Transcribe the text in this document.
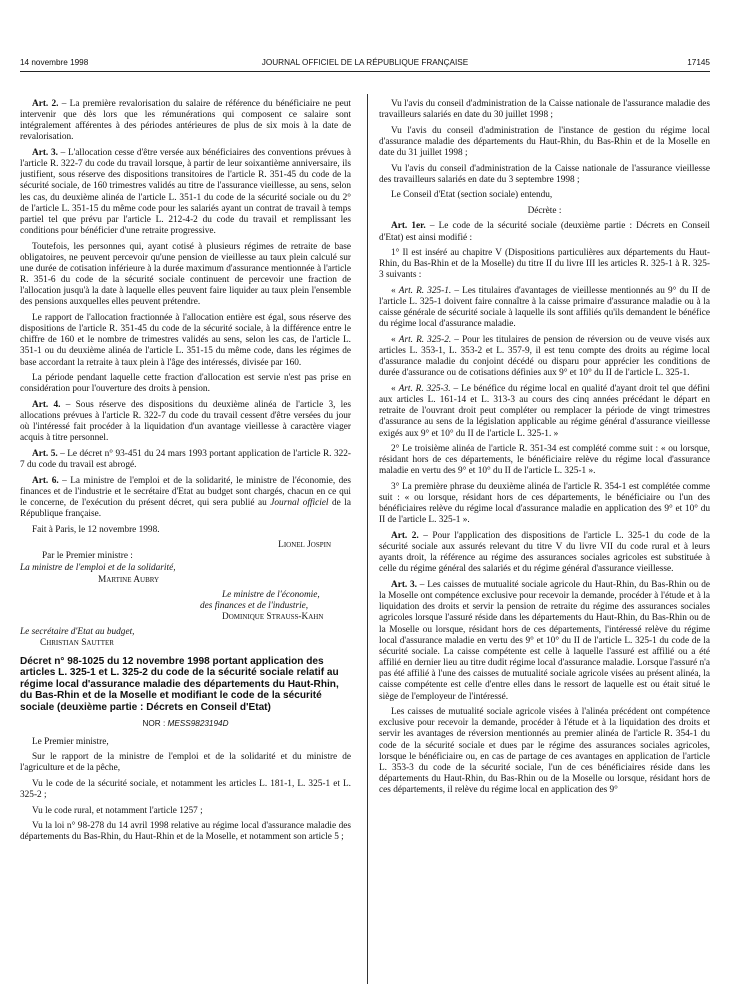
14 novembre 1998	JOURNAL OFFICIEL DE LA RÉPUBLIQUE FRANÇAISE	17145

Art. 2. – La première revalorisation du salaire de référence du bénéficiaire ne peut intervenir que dès lors que les rémunérations qui composent ce salaire sont intégralement afférentes à des périodes antérieures de plus de six mois à la date de revalorisation.

Art. 3. – L'allocation cesse d'être versée aux bénéficiaires des conventions prévues à l'article R. 322-7 du code du travail lorsque, à partir de leur soixantième anniversaire, ils justifient, sous réserve des dispositions transitoires de l'article R. 351-45 du code de la sécurité sociale, de 160 trimestres validés au titre de l'assurance vieillesse, au sens, selon les cas, du deuxième alinéa de l'article L. 351-1 du code de la sécurité sociale ou du 2° de l'article L. 351-15 du même code pour les salariés ayant un contrat de travail à temps partiel tel que prévu par l'article L. 212-4-2 du code du travail et remplissant les conditions pour bénéficier d'une retraite progressive.

Toutefois, les personnes qui, ayant cotisé à plusieurs régimes de retraite de base obligatoires, ne peuvent percevoir qu'une pension de vieillesse au taux plein calculé sur une durée de cotisation inférieure à la durée maximum d'assurance mentionnée à l'article R. 351-6 du code de la sécurité sociale continuent de percevoir une fraction de l'allocation jusqu'à la date à laquelle elles peuvent faire liquider au taux plein l'ensemble des pensions auxquelles elles peuvent prétendre.

Le rapport de l'allocation fractionnée à l'allocation entière est égal, sous réserve des dispositions de l'article R. 351-45 du code de la sécurité sociale, à la différence entre le chiffre de 160 et le nombre de trimestres validés au sens, selon les cas, de l'article L. 351-1 ou du deuxième alinéa de l'article L. 351-15 du même code, dans les régimes de base accordant la retraite à taux plein à l'âge des intéressés, divisée par 160.

La période pendant laquelle cette fraction d'allocation est servie n'est pas prise en considération pour l'ouverture des droits à pension.

Art. 4. – Sous réserve des dispositions du deuxième alinéa de l'article 3, les allocations prévues à l'article R. 322-7 du code du travail cessent d'être versées du jour où l'intéressé fait procéder à la liquidation d'un avantage vieillesse à caractère viager acquis à titre personnel.

Art. 5. – Le décret n° 93-451 du 24 mars 1993 portant application de l'article R. 322-7 du code du travail est abrogé.

Art. 6. – La ministre de l'emploi et de la solidarité, le ministre de l'économie, des finances et de l'industrie et le secrétaire d'Etat au budget sont chargés, chacun en ce qui le concerne, de l'exécution du présent décret, qui sera publié au Journal officiel de la République française.

Fait à Paris, le 12 novembre 1998.

Lionel Jospin

Par le Premier ministre :

La ministre de l'emploi et de la solidarité,

Martine Aubry

Le ministre de l'économie,

des finances et de l'industrie,

Dominique Strauss-Kahn

Le secrétaire d'Etat au budget,

Christian Sautter

Décret n° 98-1025 du 12 novembre 1998 portant application des articles L. 325-1 et L. 325-2 du code de la sécurité sociale relatif au régime local d'assurance maladie des départements du Haut-Rhin, du Bas-Rhin et de la Moselle et modifiant le code de la sécurité sociale (deuxième partie : Décrets en Conseil d'Etat)

NOR : MESS9823194D

Le Premier ministre,

Sur le rapport de la ministre de l'emploi et de la solidarité et du ministre de l'agriculture et de la pêche,

Vu le code de la sécurité sociale, et notamment les articles L. 181-1, L. 325-1 et L. 325-2 ;

Vu le code rural, et notamment l'article 1257 ;

Vu la loi n° 98-278 du 14 avril 1998 relative au régime local d'assurance maladie des départements du Bas-Rhin, du Haut-Rhin et de la Moselle, et notamment son article 5 ;

Vu l'avis du conseil d'administration de la Caisse nationale de l'assurance maladie des travailleurs salariés en date du 30 juillet 1998 ;

Vu l'avis du conseil d'administration de l'instance de gestion du régime local d'assurance maladie des départements du Haut-Rhin, du Bas-Rhin et de la Moselle en date du 31 juillet 1998 ;

Vu l'avis du conseil d'administration de la Caisse nationale de l'assurance vieillesse des travailleurs salariés en date du 3 septembre 1998 ;

Le Conseil d'Etat (section sociale) entendu,

Décrète :

Art. 1er. – Le code de la sécurité sociale (deuxième partie : Décrets en Conseil d'Etat) est ainsi modifié :

1° Il est inséré au chapitre V (Dispositions particulières aux départements du Haut-Rhin, du Bas-Rhin et de la Moselle) du titre II du livre III les articles R. 325-1 à R. 325-3 suivants :

« Art. R. 325-1. – Les titulaires d'avantages de vieillesse mentionnés au 9° du II de l'article L. 325-1 doivent faire connaître à la caisse primaire d'assurance maladie ou à la caisse générale de sécurité sociale à laquelle ils sont affiliés qu'ils demandent le bénéfice du régime local d'assurance maladie.

« Art. R. 325-2. – Pour les titulaires de pension de réversion ou de veuve visés aux articles L. 353-1, L. 353-2 et L. 357-9, il est tenu compte des droits au régime local d'assurance maladie du conjoint décédé ou disparu pour apprécier les conditions de durée d'assurance ou de cotisations définies aux 9° et 10° du II de l'article L. 325-1.

« Art. R. 325-3. – Le bénéfice du régime local en qualité d'ayant droit tel que défini aux articles L. 161-14 et L. 313-3 au cours des cinq années précédant le départ en retraite de l'ouvrant droit peut compléter ou remplacer la période de vingt trimestres d'assurance au sens de la législation applicable au régime général d'assurance vieillesse exigés aux 9° et 10° du II de l'article L. 325-1. »

2° Le troisième alinéa de l'article R. 351-34 est complété comme suit : « ou lorsque, résidant hors de ces départements, le bénéficiaire relève du régime local d'assurance maladie en vertu des 9° et 10° du II de l'article L. 325-1 ».

3° La première phrase du deuxième alinéa de l'article R. 354-1 est complétée comme suit : « ou lorsque, résidant hors de ces départements, le bénéficiaire ou l'un des bénéficiaires relève du régime local d'assurance maladie en application des 9° et 10° du II de l'article L. 325-1 ».

Art. 2. – Pour l'application des dispositions de l'article L. 325-1 du code de la sécurité sociale aux assurés relevant du titre V du livre VII du code rural et à leurs ayants droit, la référence au régime des assurances sociales agricoles est substituée à celle du régime général des salariés et du régime général d'assurance vieillesse.

Art. 3. – Les caisses de mutualité sociale agricole du Haut-Rhin, du Bas-Rhin ou de la Moselle ont compétence exclusive pour recevoir la demande, procéder à l'étude et à la liquidation des droits et servir la pension de retraite du régime des assurances sociales agricoles lorsque l'assuré réside dans les départements du Haut-Rhin, du Bas-Rhin ou de la Moselle ou lorsque, résidant hors de ces départements, l'intéressé relève du régime local d'assurance maladie en vertu des 9° et 10° du II de l'article L. 325-1 du code de la sécurité sociale. La caisse compétente est celle à laquelle l'assuré est affilié ou a été affilié en dernier lieu au titre dudit régime local d'assurance maladie. Lorsque l'assuré n'a pas été affilié à l'une des caisses de mutualité sociale agricole visées au présent alinéa, la caisse compétente est celle d'entre elles dans le ressort de laquelle est ou était situé le siège de l'employeur de l'intéressé.

Les caisses de mutualité sociale agricole visées à l'alinéa précédent ont compétence exclusive pour recevoir la demande, procéder à l'étude et à la liquidation des droits et servir les avantages de réversion mentionnés au premier alinéa de l'article R. 354-1 du code de la sécurité sociale et dues par le régime des assurances sociales agricoles, lorsque le bénéficiaire ou, en cas de partage de ces avantages en application de l'article L. 353-3 du code de la sécurité sociale, l'un de ces bénéficiaires réside dans les départements du Haut-Rhin, du Bas-Rhin ou de la Moselle ou lorsque, résidant hors de ces départements, il relève du régime local en application des 9°
